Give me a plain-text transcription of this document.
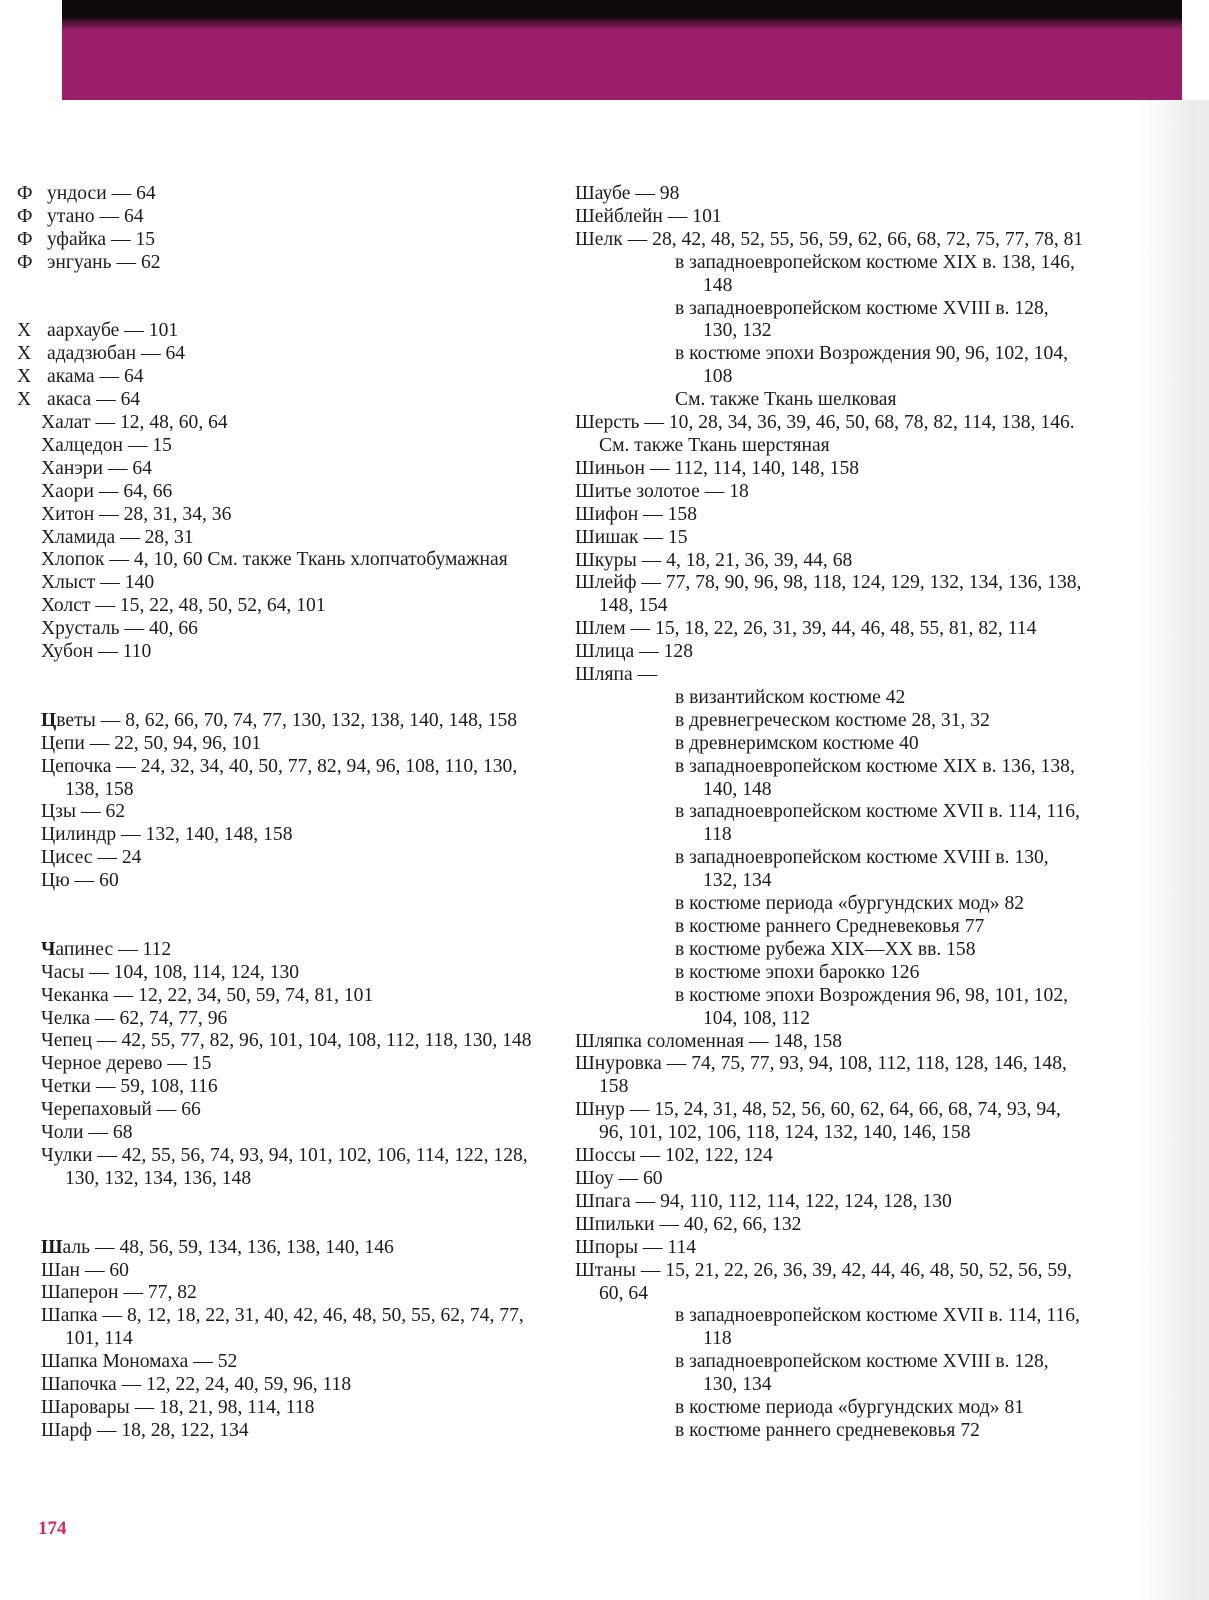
Ф ундоси — 64
Ф утано — 64
Ф уфайка — 15
Ф энгуань — 62
Х аархаубе — 101
Х ададзюбан — 64
Х акама — 64
Х акаса — 64
Халат — 12, 48, 60, 64
Халцедон — 15
Ханэри — 64
Хаори — 64, 66
Хитон — 28, 31, 34, 36
Хламида — 28, 31
Хлопок — 4, 10, 60 См. также Ткань хлопчатобумажная
Хлыст — 140
Холст — 15, 22, 48, 50, 52, 64, 101
Хрусталь — 40, 66
Хубон — 110
Цветы — 8, 62, 66, 70, 74, 77, 130, 132, 138, 140, 148, 158
Цепи — 22, 50, 94, 96, 101
Цепочка — 24, 32, 34, 40, 50, 77, 82, 94, 96, 108, 110, 130, 138, 158
Цзы — 62
Цилиндр — 132, 140, 148, 158
Цисес — 24
Цю — 60
Чапинес — 112
Часы — 104, 108, 114, 124, 130
Чеканка — 12, 22, 34, 50, 59, 74, 81, 101
Челка — 62, 74, 77, 96
Чепец — 42, 55, 77, 82, 96, 101, 104, 108, 112, 118, 130, 148
Черное дерево — 15
Четки — 59, 108, 116
Черепаховый — 66
Чоли — 68
Чулки — 42, 55, 56, 74, 93, 94, 101, 102, 106, 114, 122, 128, 130, 132, 134, 136, 148
Шаль — 48, 56, 59, 134, 136, 138, 140, 146
Шан — 60
Шаперон — 77, 82
Шапка — 8, 12, 18, 22, 31, 40, 42, 46, 48, 50, 55, 62, 74, 77, 101, 114
Шапка Мономаха — 52
Шапочка — 12, 22, 24, 40, 59, 96, 118
Шаровары — 18, 21, 98, 114, 118
Шарф — 18, 28, 122, 134
Шаубе — 98
Шейблейн — 101
Шелк — 28, 42, 48, 52, 55, 56, 59, 62, 66, 68, 72, 75, 77, 78, 81
в западноевропейском костюме XIX в. 138, 146, 148
в западноевропейском костюме XVIII в. 128, 130, 132
в костюме эпохи Возрождения 90, 96, 102, 104, 108
См. также Ткань шелковая
Шерсть — 10, 28, 34, 36, 39, 46, 50, 68, 78, 82, 114, 138, 146. См. также Ткань шерстяная
Шиньон — 112, 114, 140, 148, 158
Шитье золотое — 18
Шифон — 158
Шишак — 15
Шкуры — 4, 18, 21, 36, 39, 44, 68
Шлейф — 77, 78, 90, 96, 98, 118, 124, 129, 132, 134, 136, 138, 148, 154
Шлем — 15, 18, 22, 26, 31, 39, 44, 46, 48, 55, 81, 82, 114
Шлица — 128
Шляпа —
в византийском костюме 42
в древнегреческом костюме 28, 31, 32
в древнеримском костюме 40
в западноевропейском костюме XIX в. 136, 138, 140, 148
в западноевропейском костюме XVII в. 114, 116, 118
в западноевропейском костюме XVIII в. 130, 132, 134
в костюме периода «бургундских мод» 82
в костюме раннего Средневековья 77
в костюме рубежа XIX—XX вв. 158
в костюме эпохи барокко 126
в костюме эпохи Возрождения 96, 98, 101, 102, 104, 108, 112
Шляпка соломенная — 148, 158
Шнуровка — 74, 75, 77, 93, 94, 108, 112, 118, 128, 146, 148, 158
Шнур — 15, 24, 31, 48, 52, 56, 60, 62, 64, 66, 68, 74, 93, 94, 96, 101, 102, 106, 118, 124, 132, 140, 146, 158
Шоссы — 102, 122, 124
Шоу — 60
Шпага — 94, 110, 112, 114, 122, 124, 128, 130
Шпильки — 40, 62, 66, 132
Шпоры — 114
Штаны — 15, 21, 22, 26, 36, 39, 42, 44, 46, 48, 50, 52, 56, 59, 60, 64
в западноевропейском костюме XVII в. 114, 116, 118
в западноевропейском костюме XVIII в. 128, 130, 134
в костюме периода «бургундских мод» 81
в костюме раннего средневековья 72
174
